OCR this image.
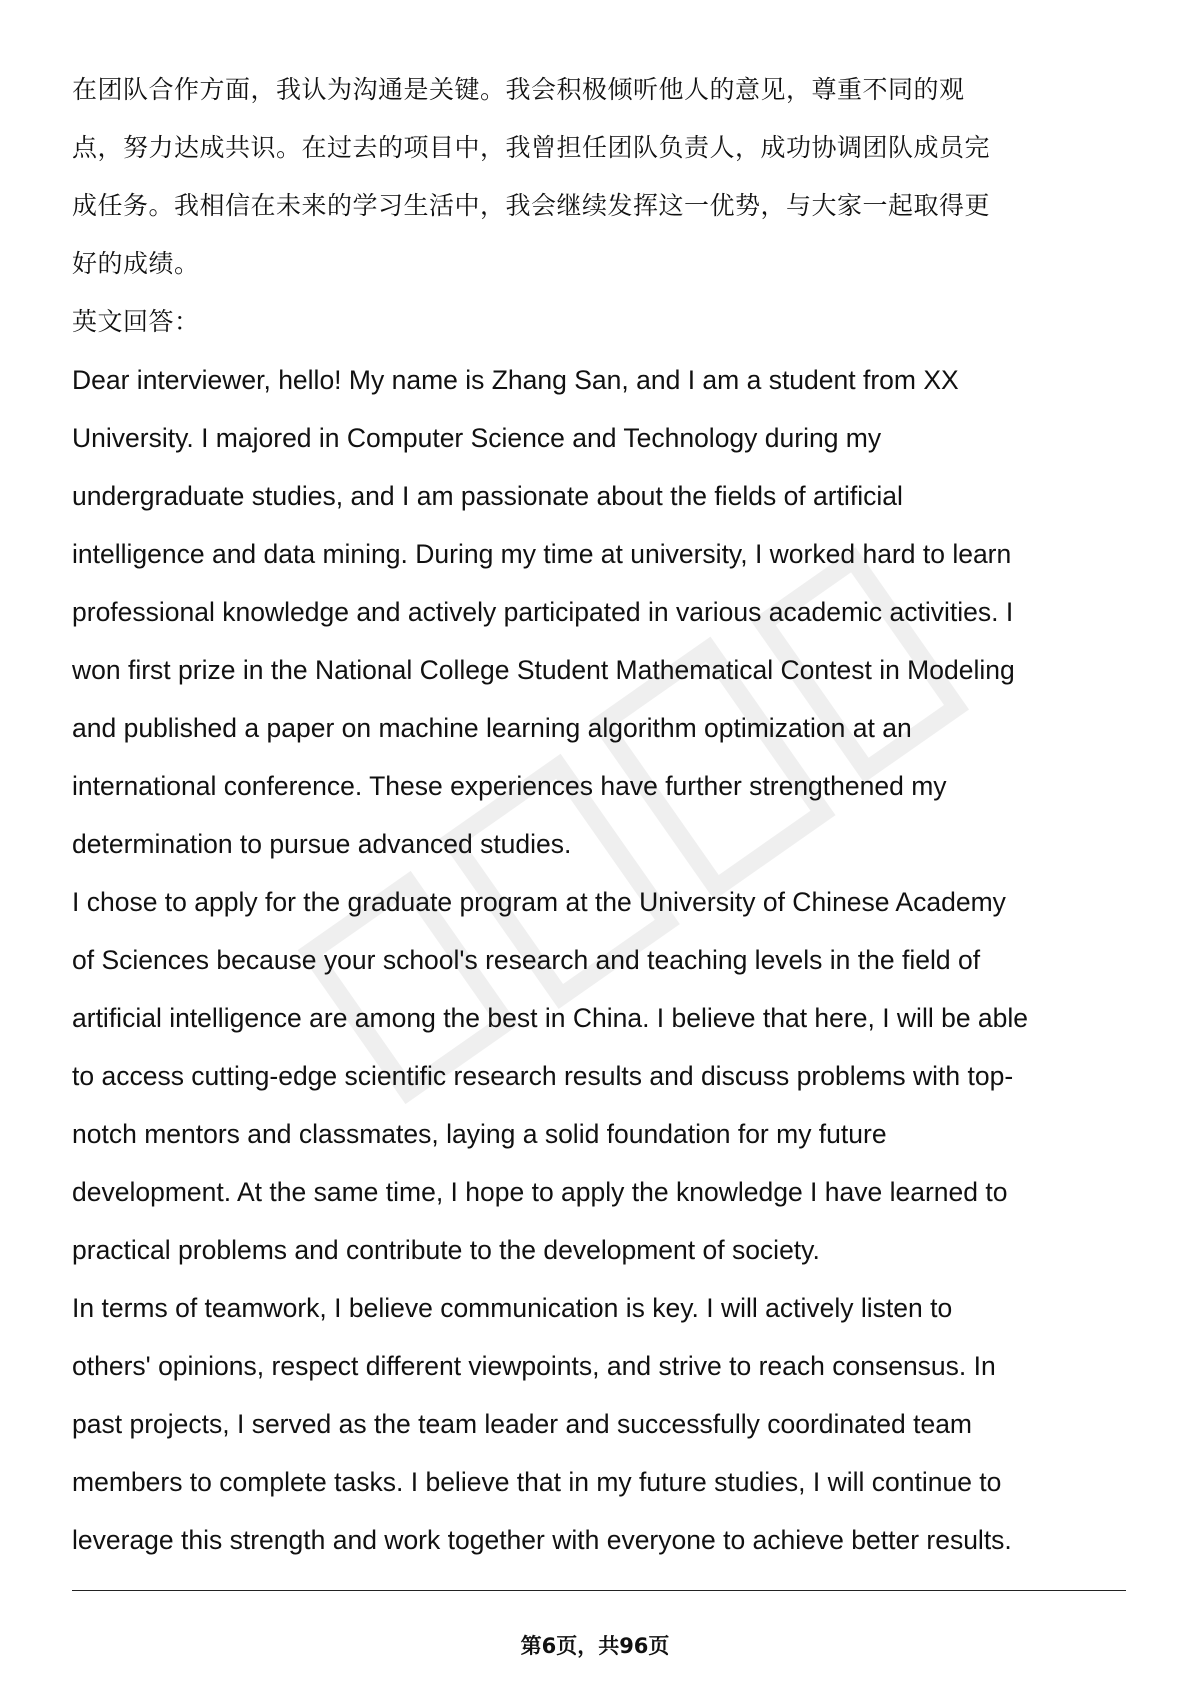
在团队合作方面，我认为沟通是关键。我会积极倾听他人的意见，尊重不同的观
点，努力达成共识。在过去的项目中，我曾担任团队负责人，成功协调团队成员完
成任务。我相信在未来的学习生活中，我会继续发挥这一优势，与大家一起取得更
好的成绩。

英文回答：

Dear interviewer, hello! My name is Zhang San, and I am a student from XX
University. I majored in Computer Science and Technology during my
undergraduate studies, and I am passionate about the fields of artificial
intelligence and data mining. During my time at university, I worked hard to learn
professional knowledge and actively participated in various academic activities. I
won first prize in the National College Student Mathematical Contest in Modeling
and published a paper on machine learning algorithm optimization at an
international conference. These experiences have further strengthened my
determination to pursue advanced studies.

I chose to apply for the graduate program at the University of Chinese Academy
of Sciences because your school's research and teaching levels in the field of
artificial intelligence are among the best in China. I believe that here, I will be able
to access cutting-edge scientific research results and discuss problems with top-
notch mentors and classmates, laying a solid foundation for my future
development. At the same time, I hope to apply the knowledge I have learned to
practical problems and contribute to the development of society.

In terms of teamwork, I believe communication is key. I will actively listen to
others' opinions, respect different viewpoints, and strive to reach consensus. In
past projects, I served as the team leader and successfully coordinated team
members to complete tasks. I believe that in my future studies, I will continue to
leverage this strength and work together with everyone to achieve better results.

第6页，共96页
